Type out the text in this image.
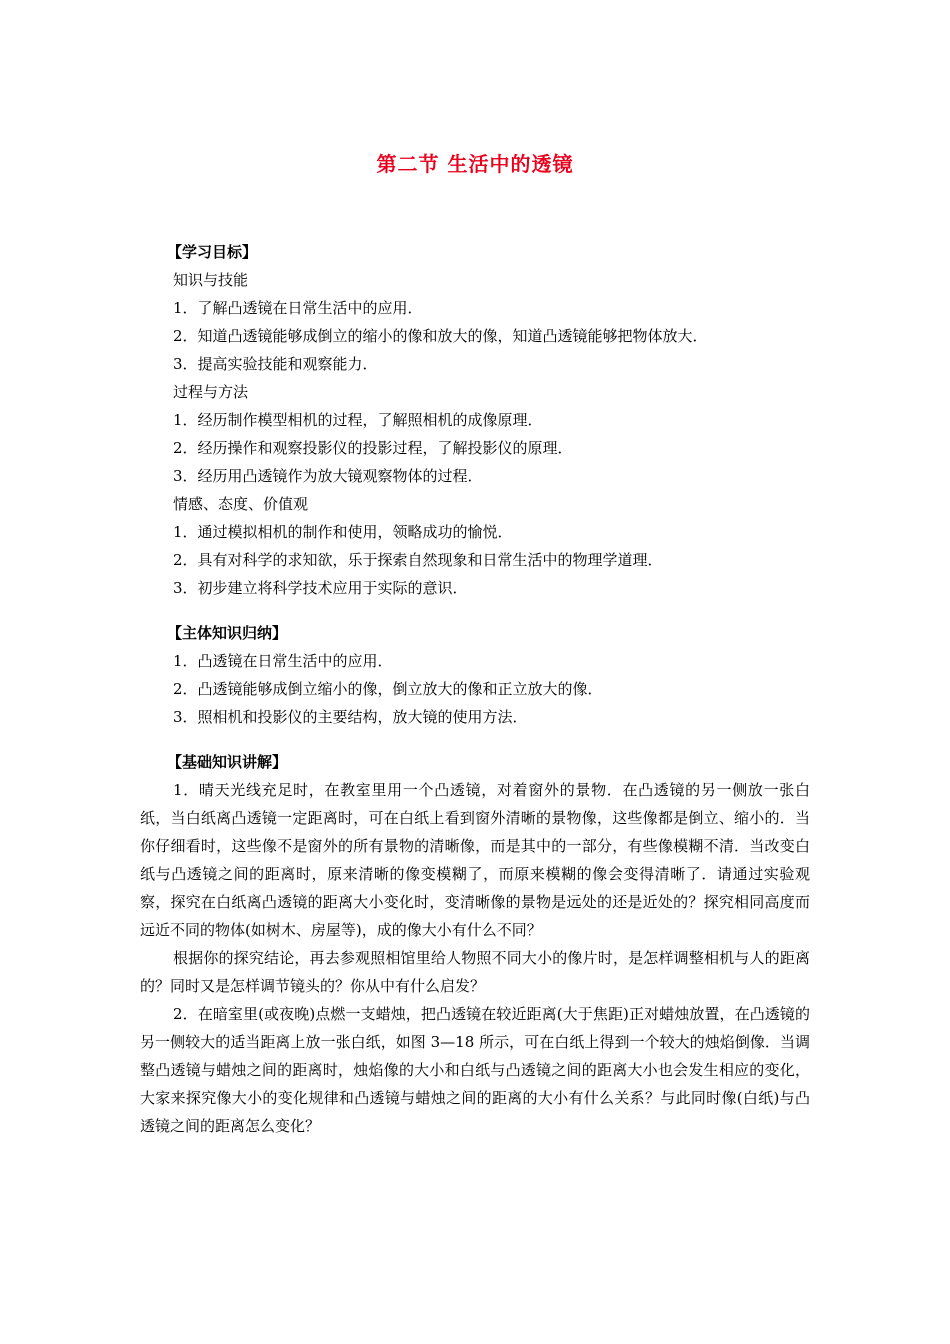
第二节 生活中的透镜
【学习目标】
知识与技能
1．了解凸透镜在日常生活中的应用．
2．知道凸透镜能够成倒立的缩小的像和放大的像，知道凸透镜能够把物体放大．
3．提高实验技能和观察能力．
过程与方法
1．经历制作模型相机的过程，了解照相机的成像原理．
2．经历操作和观察投影仪的投影过程，了解投影仪的原理．
3．经历用凸透镜作为放大镜观察物体的过程．
情感、态度、价值观
1．通过模拟相机的制作和使用，领略成功的愉悦．
2．具有对科学的求知欲，乐于探索自然现象和日常生活中的物理学道理．
3．初步建立将科学技术应用于实际的意识．
【主体知识归纳】
1．凸透镜在日常生活中的应用．
2．凸透镜能够成倒立缩小的像，倒立放大的像和正立放大的像．
3．照相机和投影仪的主要结构，放大镜的使用方法．
【基础知识讲解】
1．晴天光线充足时，在教室里用一个凸透镜，对着窗外的景物．在凸透镜的另一侧放一张白纸，当白纸离凸透镜一定距离时，可在白纸上看到窗外清晰的景物像，这些像都是倒立、缩小的．当你仔细看时，这些像不是窗外的所有景物的清晰像，而是其中的一部分，有些像模糊不清．当改变白纸与凸透镜之间的距离时，原来清晰的像变模糊了，而原来模糊的像会变得清晰了．请通过实验观察，探究在白纸离凸透镜的距离大小变化时，变清晰像的景物是远处的还是近处的？探究相同高度而远近不同的物体(如树木、房屋等)，成的像大小有什么不同？
根据你的探究结论，再去参观照相馆里给人物照不同大小的像片时，是怎样调整相机与人的距离的？同时又是怎样调节镜头的？你从中有什么启发？
2．在暗室里(或夜晚)点燃一支蜡烛，把凸透镜在较近距离(大于焦距)正对蜡烛放置，在凸透镜的另一侧较大的适当距离上放一张白纸，如图 3—18 所示，可在白纸上得到一个较大的烛焰倒像．当调整凸透镜与蜡烛之间的距离时，烛焰像的大小和白纸与凸透镜之间的距离大小也会发生相应的变化，大家来探究像大小的变化规律和凸透镜与蜡烛之间的距离的大小有什么关系？与此同时像(白纸)与凸透镜之间的距离怎么变化？
